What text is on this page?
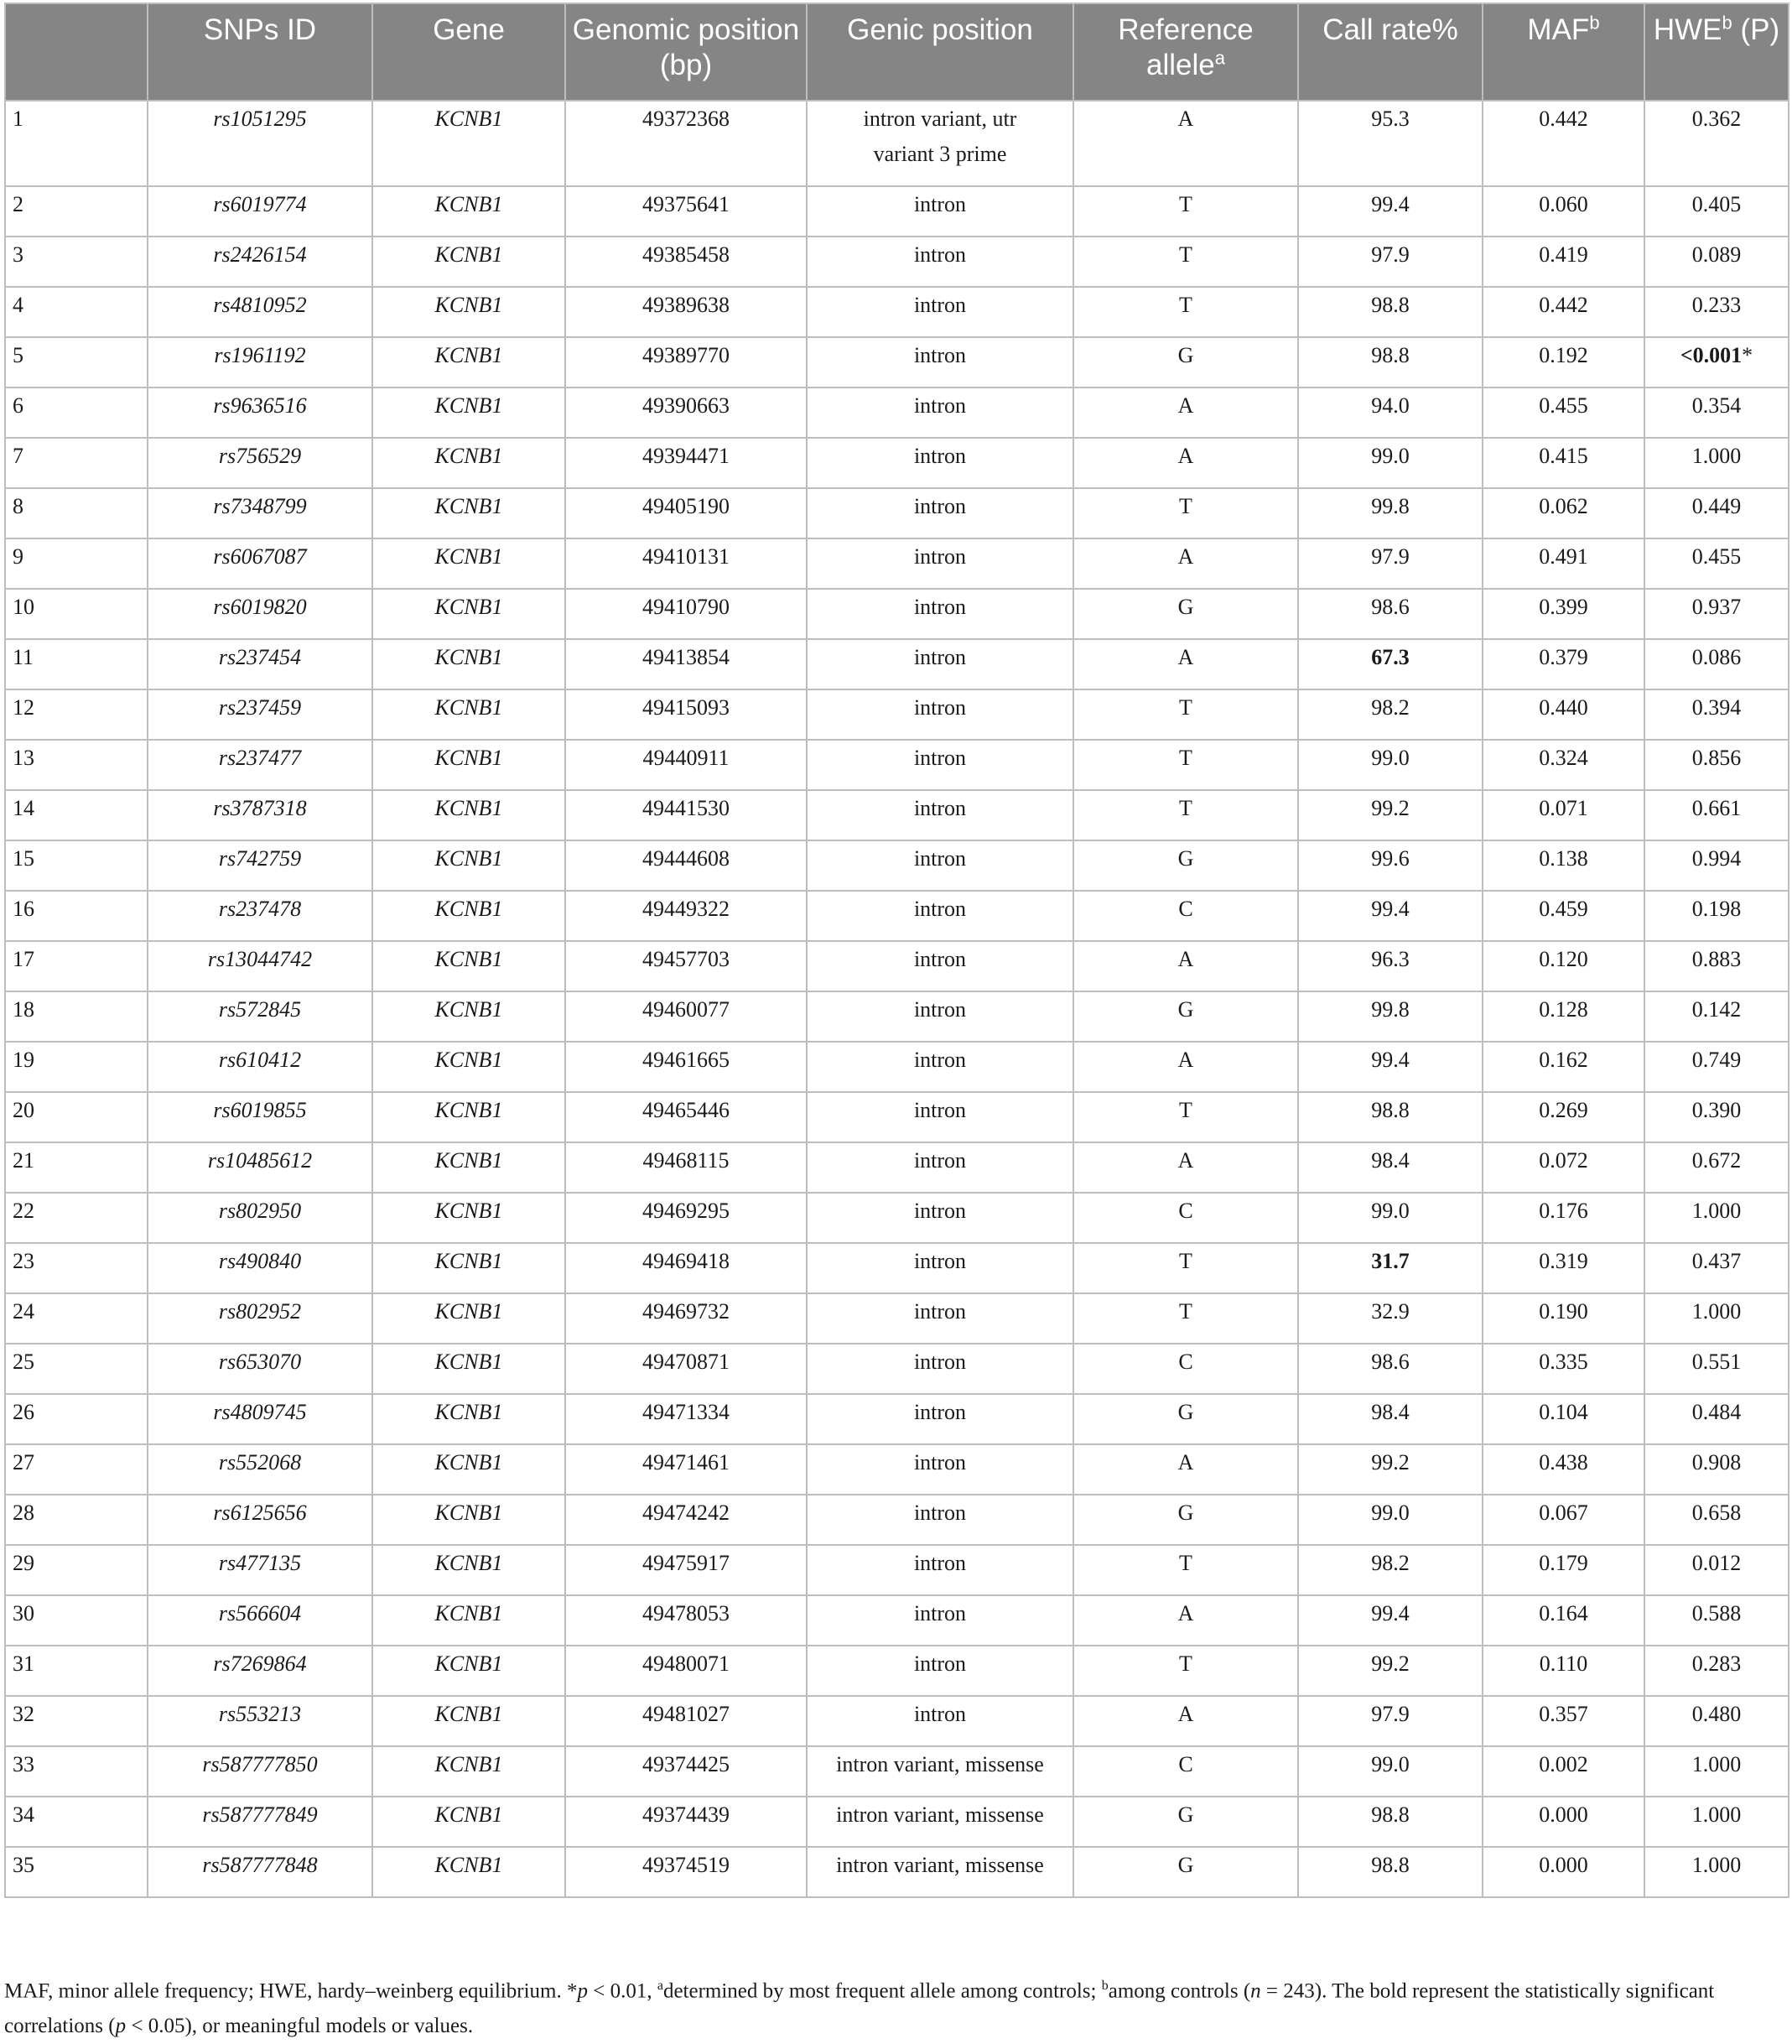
	SNPs ID	Gene	Genomic position (bp)	Genic position	Reference allele$^a$	Call rate%	MAF$^b$	HWE$^b$ (P)
1	rs1051295	KCNB1	49372368	intron variant, utr variant 3 prime	A	95.3	0.442	0.362
2	rs6019774	KCNB1	49375641	intron	T	99.4	0.060	0.405
3	rs2426154	KCNB1	49385458	intron	T	97.9	0.419	0.089
4	rs4810952	KCNB1	49389638	intron	T	98.8	0.442	0.233
5	rs1961192	KCNB1	49389770	intron	G	98.8	0.192	<0.001*
6	rs9636516	KCNB1	49390663	intron	A	94.0	0.455	0.354
7	rs756529	KCNB1	49394471	intron	A	99.0	0.415	1.000
8	rs7348799	KCNB1	49405190	intron	T	99.8	0.062	0.449
9	rs6067087	KCNB1	49410131	intron	A	97.9	0.491	0.455
10	rs6019820	KCNB1	49410790	intron	G	98.6	0.399	0.937
11	rs237454	KCNB1	49413854	intron	A	67.3	0.379	0.086
12	rs237459	KCNB1	49415093	intron	T	98.2	0.440	0.394
13	rs237477	KCNB1	49440911	intron	T	99.0	0.324	0.856
14	rs3787318	KCNB1	49441530	intron	T	99.2	0.071	0.661
15	rs742759	KCNB1	49444608	intron	G	99.6	0.138	0.994
16	rs237478	KCNB1	49449322	intron	C	99.4	0.459	0.198
17	rs13044742	KCNB1	49457703	intron	A	96.3	0.120	0.883
18	rs572845	KCNB1	49460077	intron	G	99.8	0.128	0.142
19	rs610412	KCNB1	49461665	intron	A	99.4	0.162	0.749
20	rs6019855	KCNB1	49465446	intron	T	98.8	0.269	0.390
21	rs10485612	KCNB1	49468115	intron	A	98.4	0.072	0.672
22	rs802950	KCNB1	49469295	intron	C	99.0	0.176	1.000
23	rs490840	KCNB1	49469418	intron	T	31.7	0.319	0.437
24	rs802952	KCNB1	49469732	intron	T	32.9	0.190	1.000
25	rs653070	KCNB1	49470871	intron	C	98.6	0.335	0.551
26	rs4809745	KCNB1	49471334	intron	G	98.4	0.104	0.484
27	rs552068	KCNB1	49471461	intron	A	99.2	0.438	0.908
28	rs6125656	KCNB1	49474242	intron	G	99.0	0.067	0.658
29	rs477135	KCNB1	49475917	intron	T	98.2	0.179	0.012
30	rs566604	KCNB1	49478053	intron	A	99.4	0.164	0.588
31	rs7269864	KCNB1	49480071	intron	T	99.2	0.110	0.283
32	rs553213	KCNB1	49481027	intron	A	97.9	0.357	0.480
33	rs587777850	KCNB1	49374425	intron variant, missense	C	99.0	0.002	1.000
34	rs587777849	KCNB1	49374439	intron variant, missense	G	98.8	0.000	1.000
35	rs587777848	KCNB1	49374519	intron variant, missense	G	98.8	0.000	1.000
MAF, minor allele frequency; HWE, hardy–weinberg equilibrium. *p < 0.01, $^a$determined by most frequent allele among controls; $^b$among controls (n = 243). The bold represent the statistically significant correlations (p < 0.05), or meaningful models or values.
